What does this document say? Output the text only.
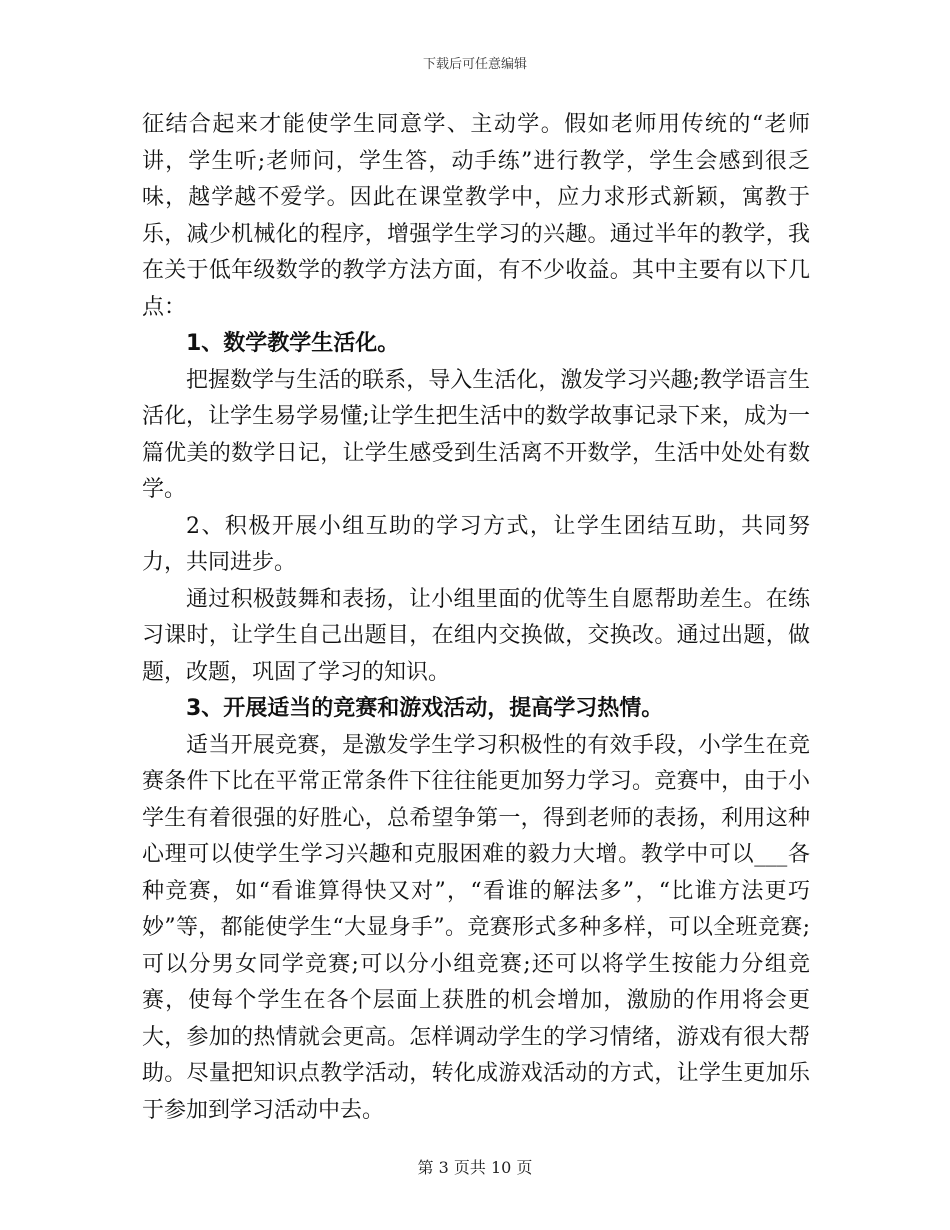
下载后可任意编辑

征结合起来才能使学生同意学、主动学。假如老师用传统的“老师讲，学生听;老师问，学生答，动手练”进行教学，学生会感到很乏味，越学越不爱学。因此在课堂教学中，应力求形式新颖，寓教于乐，减少机械化的程序，增强学生学习的兴趣。通过半年的教学，我在关于低年级数学的教学方法方面，有不少收益。其中主要有以下几点：

1、数学教学生活化。

把握数学与生活的联系，导入生活化，激发学习兴趣;教学语言生活化，让学生易学易懂;让学生把生活中的数学故事记录下来，成为一篇优美的数学日记，让学生感受到生活离不开数学，生活中处处有数学。

2、积极开展小组互助的学习方式，让学生团结互助，共同努力，共同进步。

通过积极鼓舞和表扬，让小组里面的优等生自愿帮助差生。在练习课时，让学生自己出题目，在组内交换做，交换改。通过出题，做题，改题，巩固了学习的知识。

3、开展适当的竞赛和游戏活动，提高学习热情。

适当开展竞赛，是激发学生学习积极性的有效手段，小学生在竞赛条件下比在平常正常条件下往往能更加努力学习。竞赛中，由于小学生有着很强的好胜心，总希望争第一，得到老师的表扬，利用这种心理可以使学生学习兴趣和克服困难的毅力大增。教学中可以___各种竞赛，如“看谁算得快又对”，“看谁的解法多”，“比谁方法更巧妙”等，都能使学生“大显身手”。竞赛形式多种多样，可以全班竞赛;可以分男女同学竞赛;可以分小组竞赛;还可以将学生按能力分组竞赛，使每个学生在各个层面上获胜的机会增加，激励的作用将会更大，参加的热情就会更高。怎样调动学生的学习情绪，游戏有很大帮助。尽量把知识点教学活动，转化成游戏活动的方式，让学生更加乐于参加到学习活动中去。

第 3 页共 10 页
